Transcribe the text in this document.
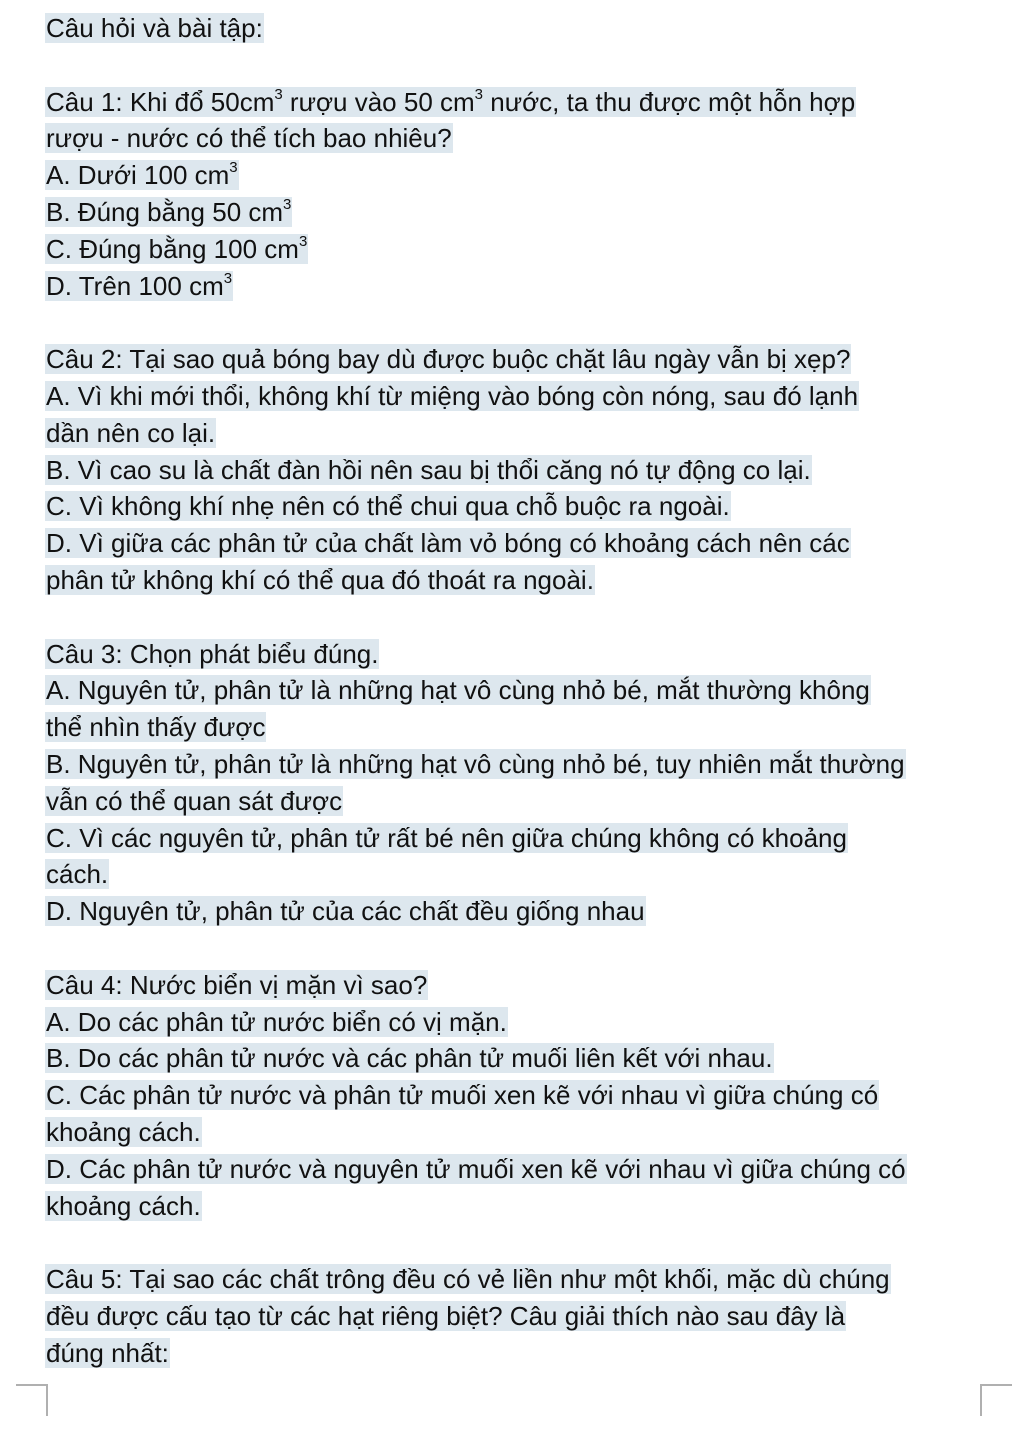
Câu hỏi và bài tập:
Câu 1: Khi đổ $50cm^3$ rượu vào 50 $cm^3$ nước, ta thu được một hỗn hợp
rượu - nước có thể tích bao nhiêu?
A. Dưới 100 $cm^3$
B. Đúng bằng 50 $cm^3$
C. Đúng bằng 100 $cm^3$
D. Trên 100 $cm^3$
Câu 2: Tại sao quả bóng bay dù được buộc chặt lâu ngày vẫn bị xẹp?
A. Vì khi mới thổi, không khí từ miệng vào bóng còn nóng, sau đó lạnh
dần nên co lại.
B. Vì cao su là chất đàn hồi nên sau bị thổi căng nó tự động co lại.
C. Vì không khí nhẹ nên có thể chui qua chỗ buộc ra ngoài.
D. Vì giữa các phân tử của chất làm vỏ bóng có khoảng cách nên các
phân tử không khí có thể qua đó thoát ra ngoài.
Câu 3: Chọn phát biểu đúng.
A. Nguyên tử, phân tử là những hạt vô cùng nhỏ bé, mắt thường không
thể nhìn thấy được
B. Nguyên tử, phân tử là những hạt vô cùng nhỏ bé, tuy nhiên mắt thường
vẫn có thể quan sát được
C. Vì các nguyên tử, phân tử rất bé nên giữa chúng không có khoảng
cách.
D. Nguyên tử, phân tử của các chất đều giống nhau
Câu 4: Nước biển vị mặn vì sao?
A. Do các phân tử nước biển có vị mặn.
B. Do các phân tử nước và các phân tử muối liên kết với nhau.
C. Các phân tử nước và phân tử muối xen kẽ với nhau vì giữa chúng có
khoảng cách.
D. Các phân tử nước và nguyên tử muối xen kẽ với nhau vì giữa chúng có
khoảng cách.
Câu 5: Tại sao các chất trông đều có vẻ liền như một khối, mặc dù chúng
đều được cấu tạo từ các hạt riêng biệt? Câu giải thích nào sau đây là
đúng nhất:
